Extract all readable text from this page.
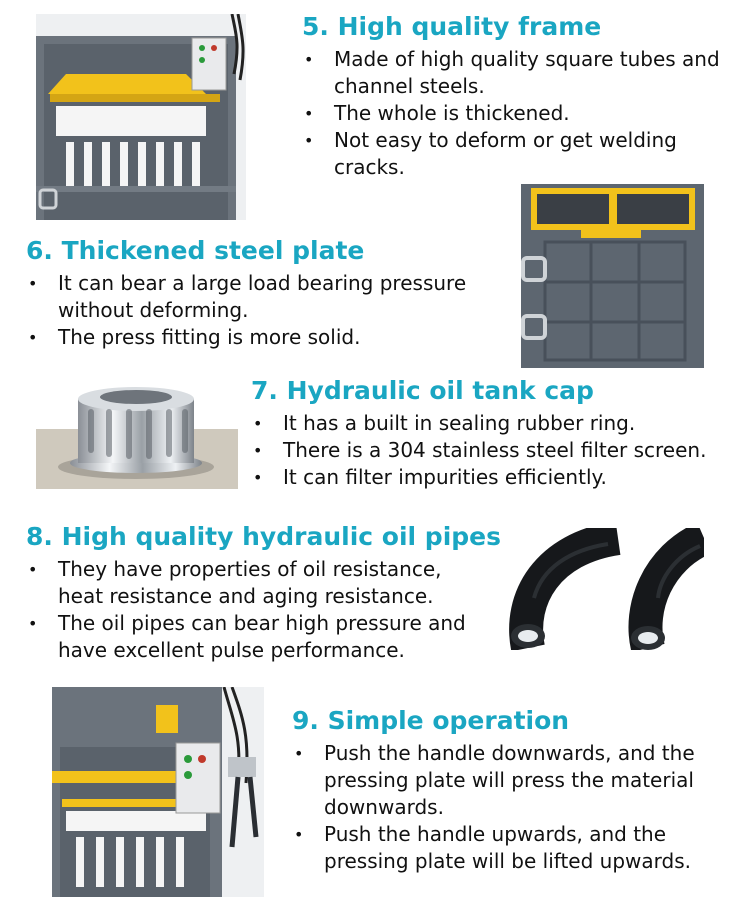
5. High quality frame
• Made of high quality square tubes and channel steels.
• The whole is thickened.
• Not easy to deform or get welding cracks.
6. Thickened steel plate
• It can bear a large load bearing pressure without deforming.
• The press fitting is more solid.
7. Hydraulic oil tank cap
• It has a built in sealing rubber ring.
• There is a 304 stainless steel filter screen.
• It can filter impurities efficiently.
8. High quality hydraulic oil pipes
• They have properties of oil resistance, heat resistance and aging resistance.
• The oil pipes can bear high pressure and have excellent pulse performance.
9. Simple operation
• Push the handle downwards, and the pressing plate will press the material downwards.
• Push the handle upwards, and the pressing plate will be lifted upwards.
